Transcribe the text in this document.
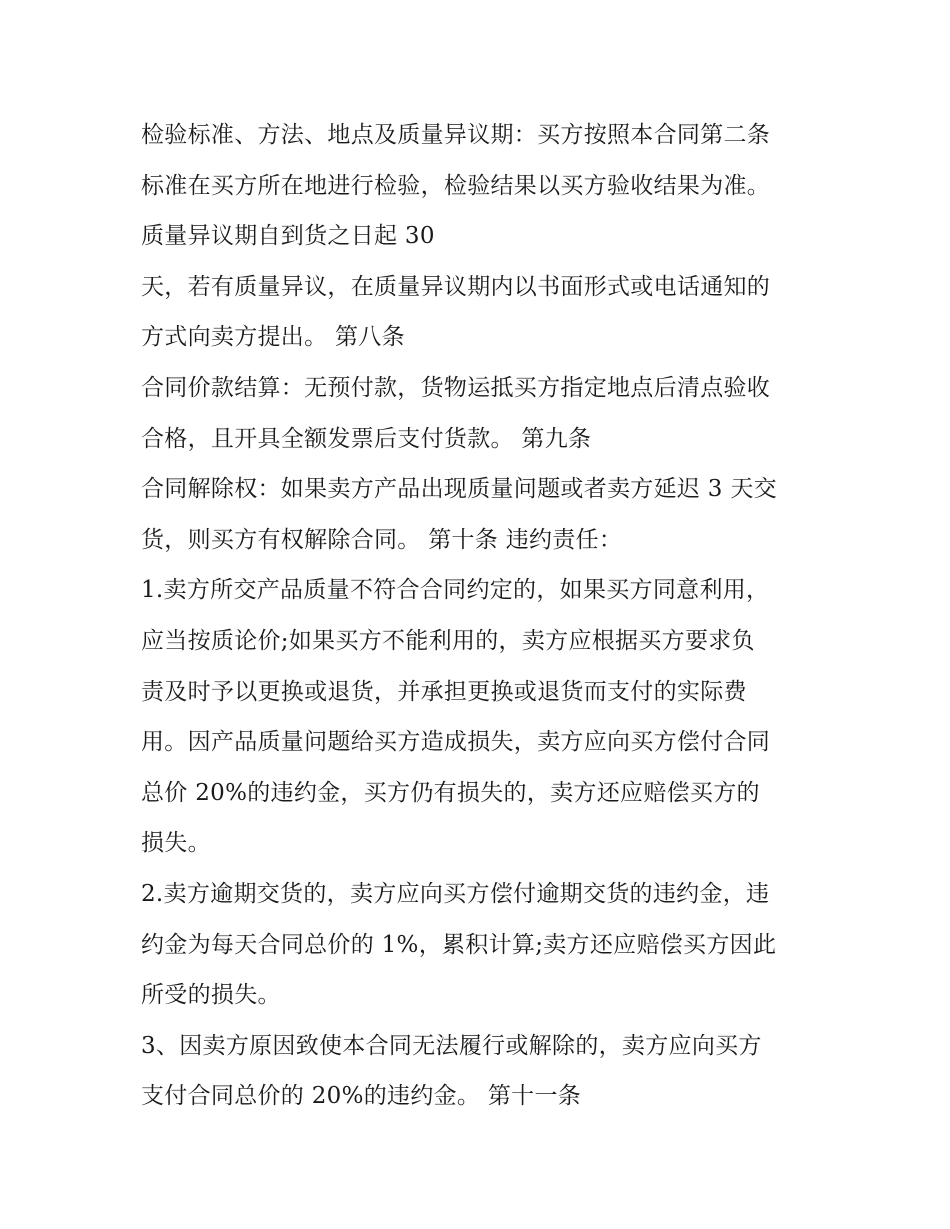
检验标准、方法、地点及质量异议期：买方按照本合同第二条
标准在买方所在地进行检验，检验结果以买方验收结果为准。
质量异议期自到货之日起 30
天，若有质量异议，在质量异议期内以书面形式或电话通知的
方式向卖方提出。 第八条
合同价款结算：无预付款，货物运抵买方指定地点后清点验收
合格，且开具全额发票后支付货款。 第九条
合同解除权：如果卖方产品出现质量问题或者卖方延迟 3 天交
货，则买方有权解除合同。 第十条 违约责任：
1.卖方所交产品质量不符合合同约定的，如果买方同意利用，
应当按质论价;如果买方不能利用的，卖方应根据买方要求负
责及时予以更换或退货，并承担更换或退货而支付的实际费
用。因产品质量问题给买方造成损失，卖方应向买方偿付合同
总价 20%的违约金，买方仍有损失的，卖方还应赔偿买方的
损失。
2.卖方逾期交货的，卖方应向买方偿付逾期交货的违约金，违
约金为每天合同总价的 1%，累积计算;卖方还应赔偿买方因此
所受的损失。
3、因卖方原因致使本合同无法履行或解除的，卖方应向买方
支付合同总价的 20%的违约金。 第十一条
